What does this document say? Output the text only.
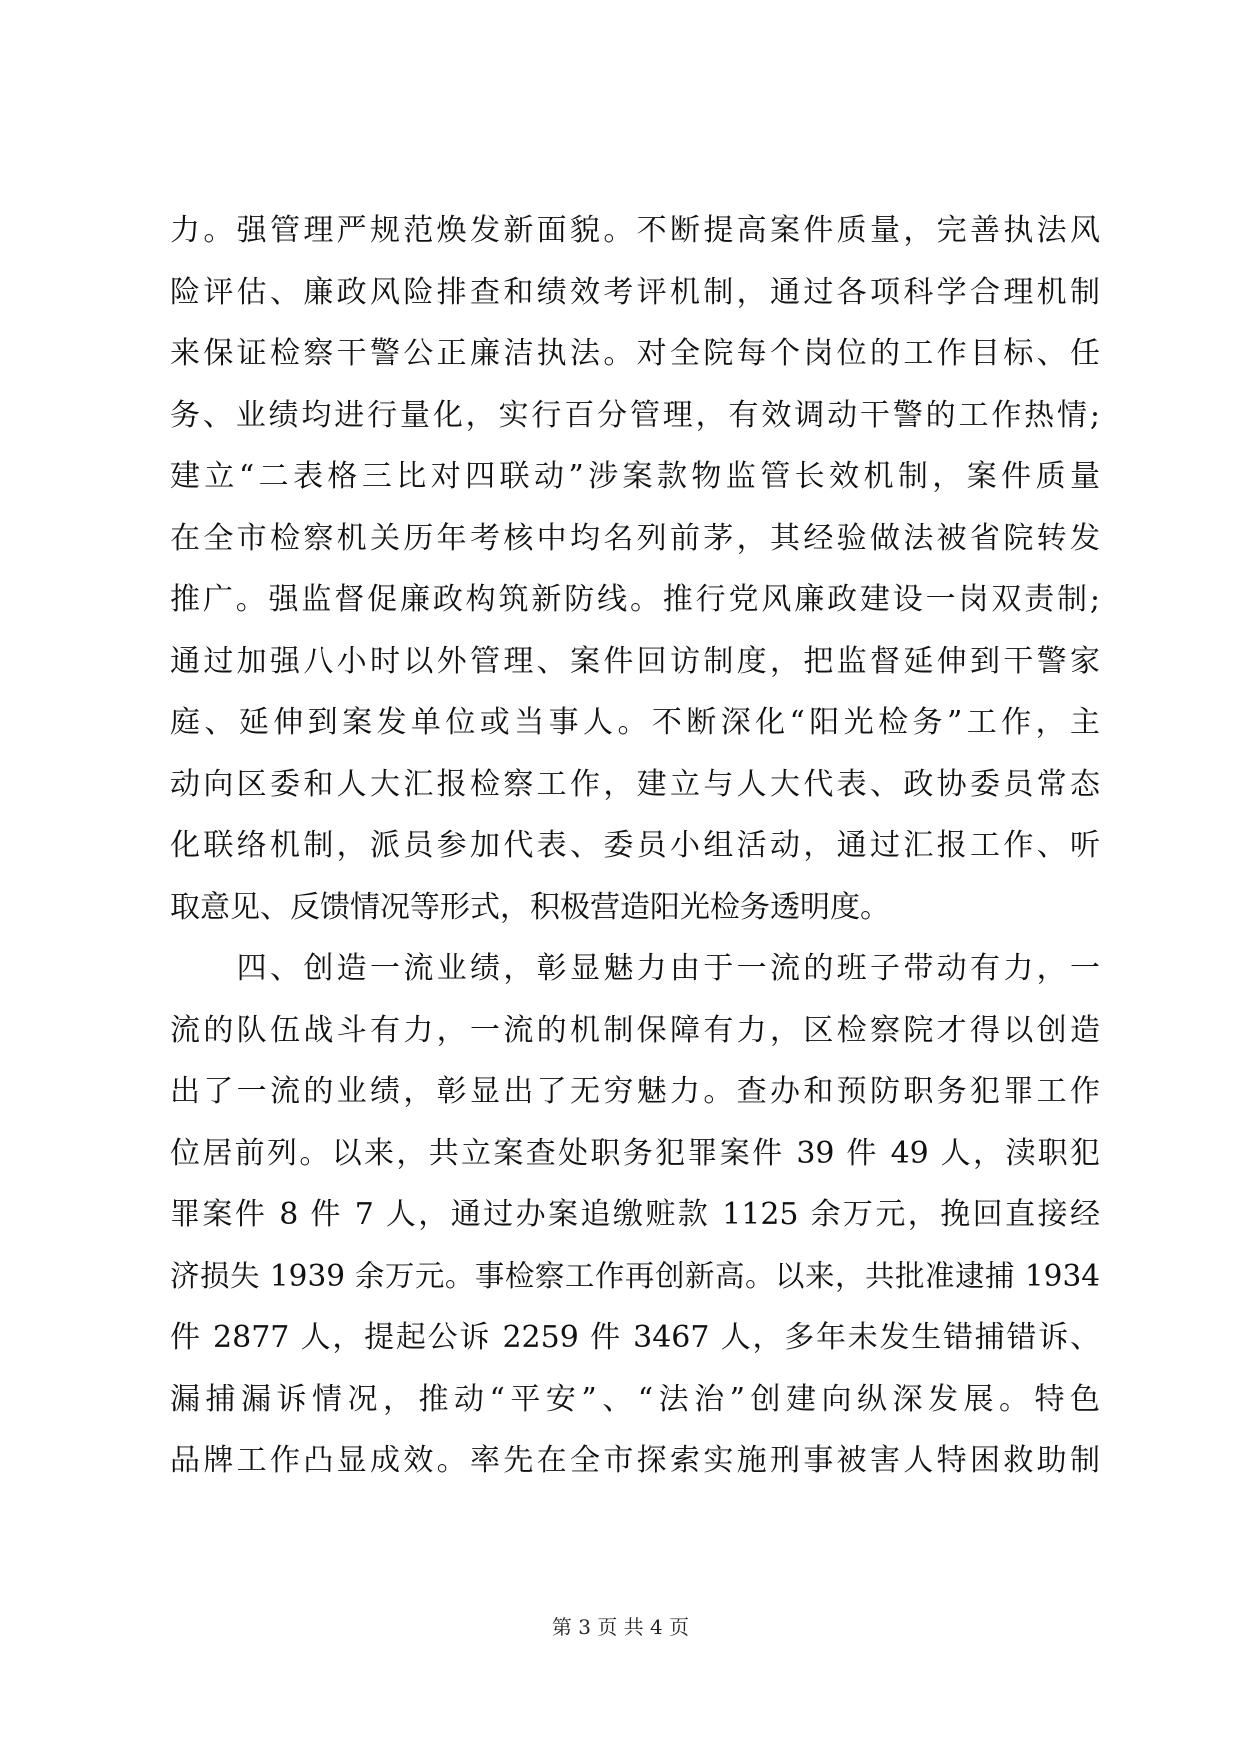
力。强管理严规范焕发新面貌。不断提高案件质量，完善执法风
险评估、廉政风险排查和绩效考评机制，通过各项科学合理机制
来保证检察干警公正廉洁执法。对全院每个岗位的工作目标、任
务、业绩均进行量化，实行百分管理，有效调动干警的工作热情;
建立“二表格三比对四联动”涉案款物监管长效机制，案件质量
在全市检察机关历年考核中均名列前茅，其经验做法被省院转发
推广。强监督促廉政构筑新防线。推行党风廉政建设一岗双责制;
通过加强八小时以外管理、案件回访制度，把监督延伸到干警家
庭、延伸到案发单位或当事人。不断深化“阳光检务”工作，主
动向区委和人大汇报检察工作，建立与人大代表、政协委员常态
化联络机制，派员参加代表、委员小组活动，通过汇报工作、听
取意见、反馈情况等形式，积极营造阳光检务透明度。
　　四、创造一流业绩，彰显魅力由于一流的班子带动有力，一
流的队伍战斗有力，一流的机制保障有力，区检察院才得以创造
出了一流的业绩，彰显出了无穷魅力。查办和预防职务犯罪工作
位居前列。以来，共立案查处职务犯罪案件 39 件 49 人，渎职犯
罪案件 8 件 7 人，通过办案追缴赃款 1125 余万元，挽回直接经
济损失 1939 余万元。事检察工作再创新高。以来，共批准逮捕 1934
件 2877 人，提起公诉 2259 件 3467 人，多年未发生错捕错诉、
漏捕漏诉情况，推动“平安”、“法治”创建向纵深发展。特色
品牌工作凸显成效。率先在全市探索实施刑事被害人特困救助制
第 3 页 共 4 页
